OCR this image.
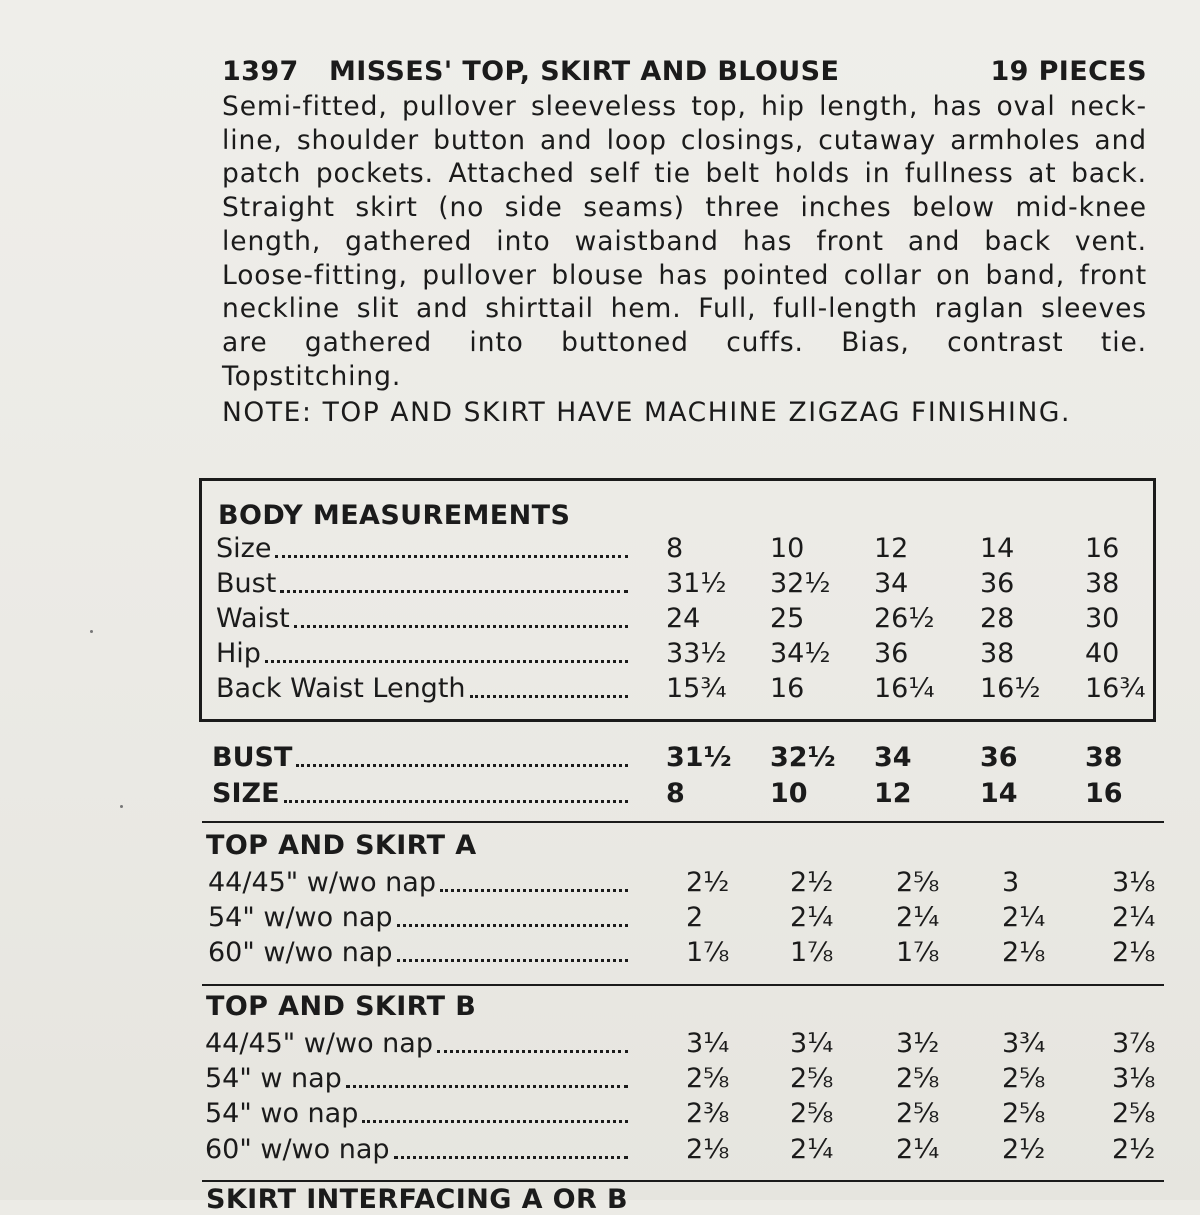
1397 MISSES' TOP, SKIRT AND BLOUSE	19 PIECES
Semi-fitted, pullover sleeveless top, hip length, has oval neck-line, shoulder button and loop closings, cutaway armholes and patch pockets. Attached self tie belt holds in fullness at back. Straight skirt (no side seams) three inches below mid-knee length, gathered into waistband has front and back vent. Loose-fitting, pullover blouse has pointed collar on band, front neckline slit and shirttail hem. Full, full-length raglan sleeves are gathered into buttoned cuffs. Bias, contrast tie. Topstitching.
NOTE: TOP AND SKIRT HAVE MACHINE ZIGZAG FINISHING.
BODY MEASUREMENTS
Size	8	10	12	14	16
Bust	31½ 32½ 34	36	38
Waist	24	25	26½ 28	30
Hip	33½ 34½ 36	38	40
Back Waist Length	15¾ 16	16¼ 16½ 16¾
BUST	31½ 32½ 34	36 38
SIZE	8	10 12	14 16
TOP AND SKIRT A
44/45" w/wo nap	2½ 2½ 2⅝ 3	3⅛
54" w/wo nap	2	2¼ 2¼ 2¼ 2¼
60" w/wo nap	1⅞ 1⅞ 1⅞ 2⅛ 2⅛
TOP AND SKIRT B
44/45" w/wo nap	3¼ 3¼ 3½ 3¾ 3⅞
54" w nap	2⅝ 2⅝ 2⅝ 2⅝ 3⅛
54" wo nap	2⅜ 2⅝ 2⅝ 2⅝ 2⅝
60" w/wo nap	2⅛ 2¼ 2¼ 2½ 2½
SKIRT INTERFACING A OR B
